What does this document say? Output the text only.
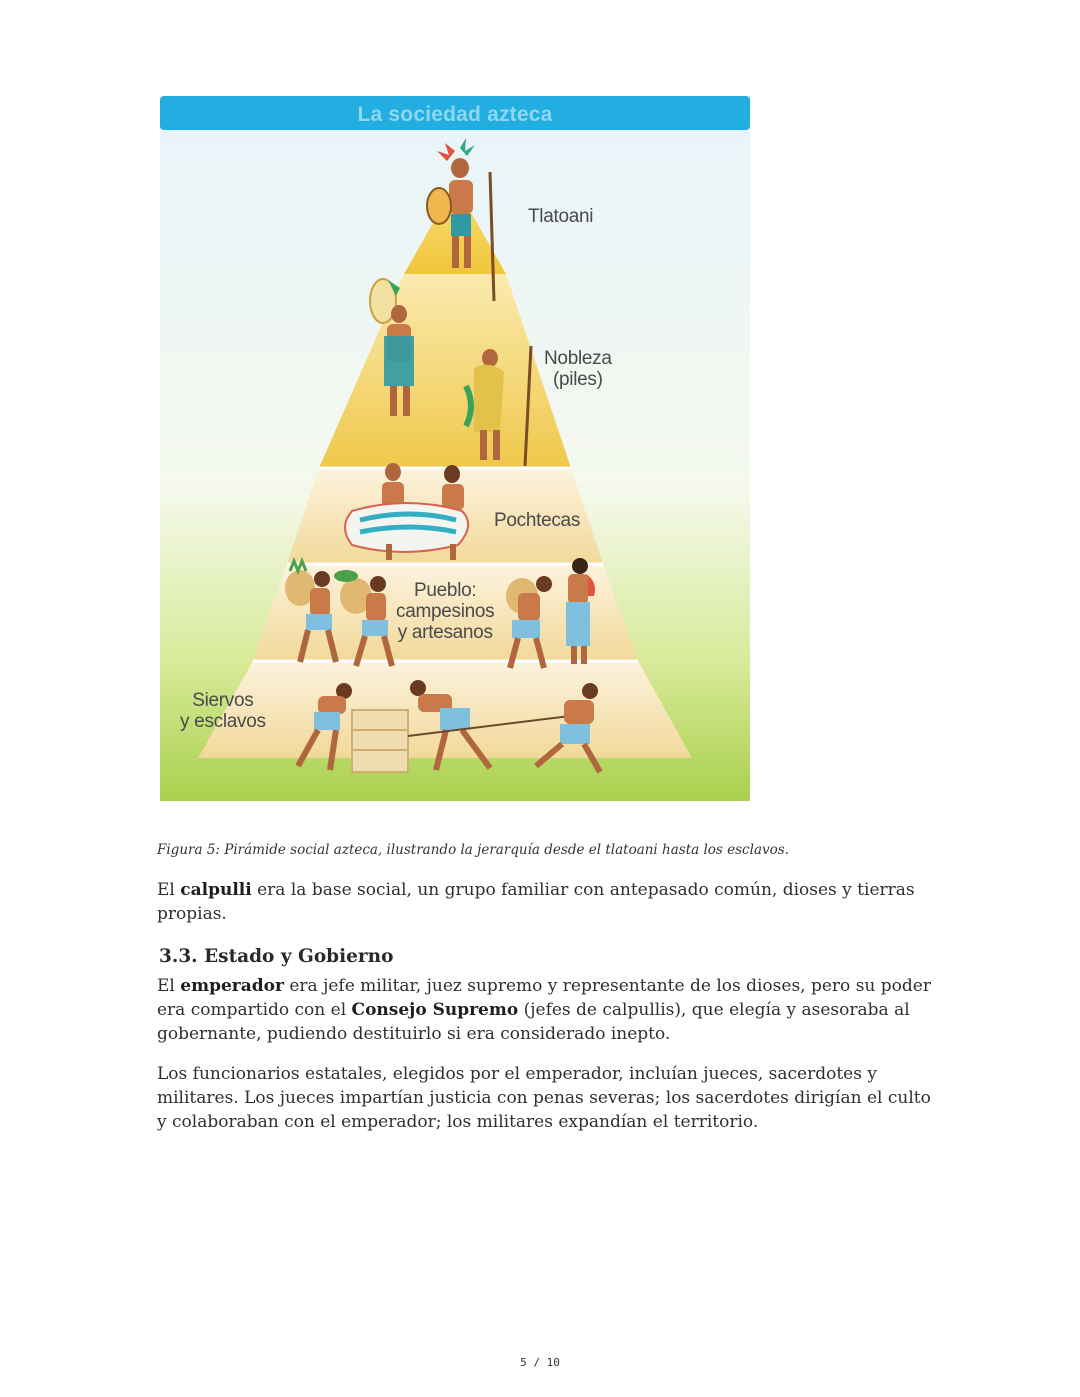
La sociedad azteca
Tlatoani
Nobleza
(piles)
Pochtecas
Pueblo:
campesinos
y artesanos
Siervos
y esclavos
Figura 5: Pirámide social azteca, ilustrando la jerarquía desde el tlatoani hasta los esclavos.
El calpulli era la base social, un grupo familiar con antepasado común, dioses y tierras propias.
3.3. Estado y Gobierno
El emperador era jefe militar, juez supremo y representante de los dioses, pero su poder era compartido con el Consejo Supremo (jefes de calpullis), que elegía y asesoraba al gobernante, pudiendo destituirlo si era considerado inepto.
Los funcionarios estatales, elegidos por el emperador, incluían jueces, sacerdotes y militares. Los jueces impartían justicia con penas severas; los sacerdotes dirigían el culto y colaboraban con el emperador; los militares expandían el territorio.
5 / 10
